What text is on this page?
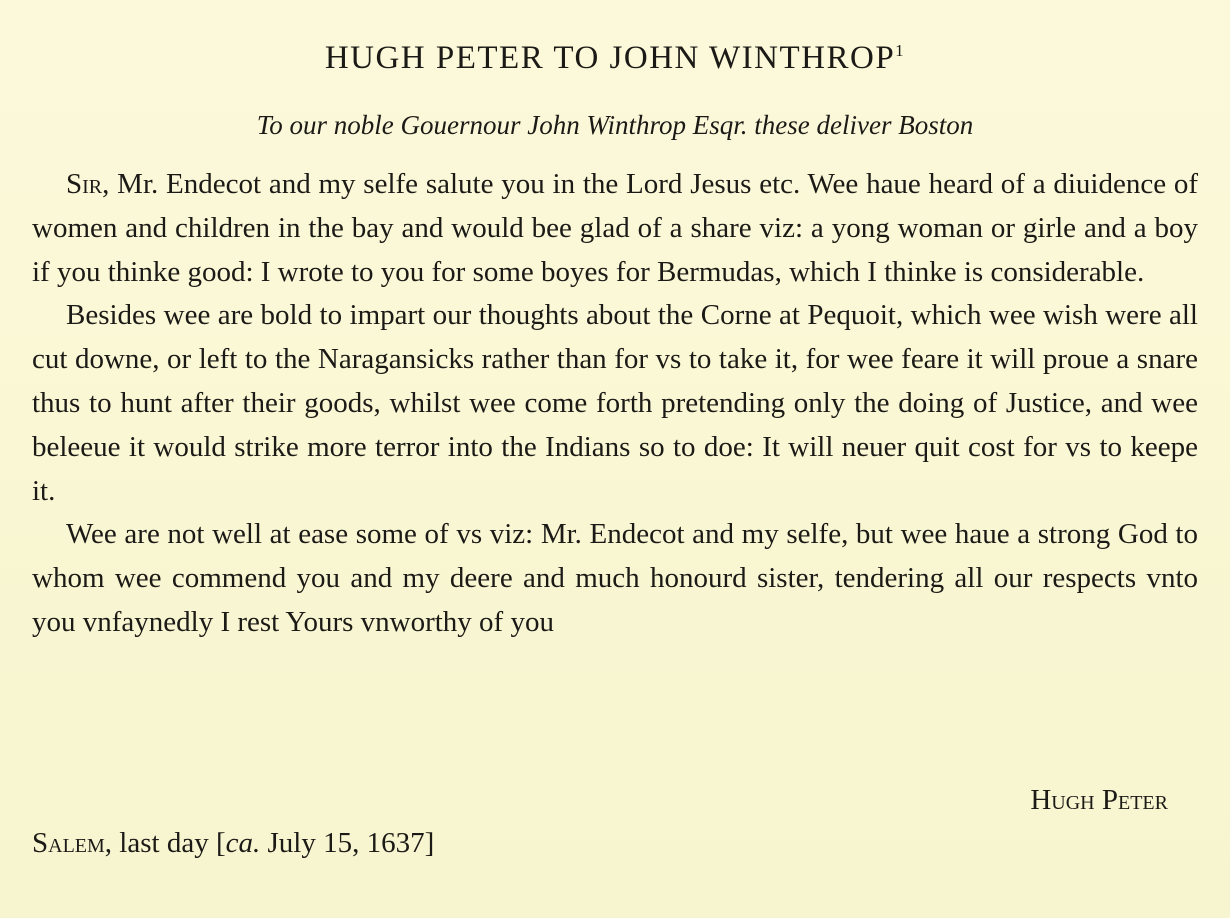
HUGH PETER TO JOHN WINTHROP$^1$
To our noble Gouernour John Winthrop Esqr. these deliver Boston

Sir, Mr. Endecot and my selfe salute you in the Lord Jesus etc. Wee haue heard of a diuidence of women and children in the bay and would bee glad of a share viz: a yong woman or girle and a boy if you thinke good: I wrote to you for some boyes for Bermudas, which I thinke is considerable.

Besides wee are bold to impart our thoughts about the Corne at Pequoit, which wee wish were all cut downe, or left to the Naragansicks rather than for vs to take it, for wee feare it will proue a snare thus to hunt after their goods, whilst wee come forth pretending only the doing of Justice, and wee beleeue it would strike more terror into the Indians so to doe: It will neuer quit cost for vs to keepe it.

Wee are not well at ease some of vs viz: Mr. Endecot and my selfe, but wee haue a strong God to whom wee commend you and my deere and much honourd sister, tendering all our respects vnto you vnfaynedly I rest Yours vnworthy of you

Hugh Peter
Salem, last day [ca. July 15, 1637]
